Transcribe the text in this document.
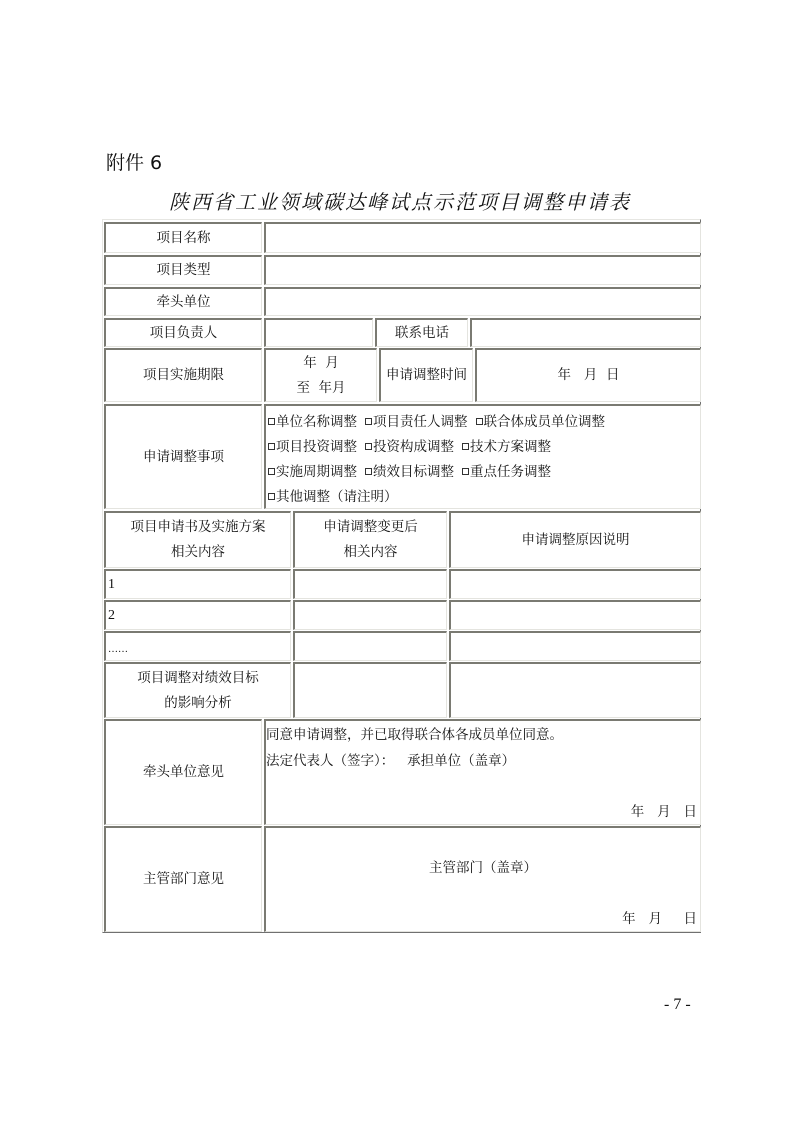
附件 6
陕西省工业领域碳达峰试点示范项目调整申请表
项目名称
项目类型
牵头单位
项目负责人	联系电话
项目实施期限
年  月
至  年月
申请调整时间	年   月  日
申请调整事项
单位名称调整 项目责任人调整 联合体成员单位调整
项目投资调整 投资构成调整 技术方案调整
实施周期调整 绩效目标调整 重点任务调整
其他调整（请注明）
项目申请书及实施方案
相关内容
申请调整变更后
相关内容
申请调整原因说明
1
2
……
项目调整对绩效目标
的影响分析
牵头单位意见
同意申请调整，并已取得联合体各成员单位同意。
法定代表人（签字）：   承担单位（盖章）
年   月   日
主管部门意见
主管部门（盖章）
年   月     日
- 7 -
